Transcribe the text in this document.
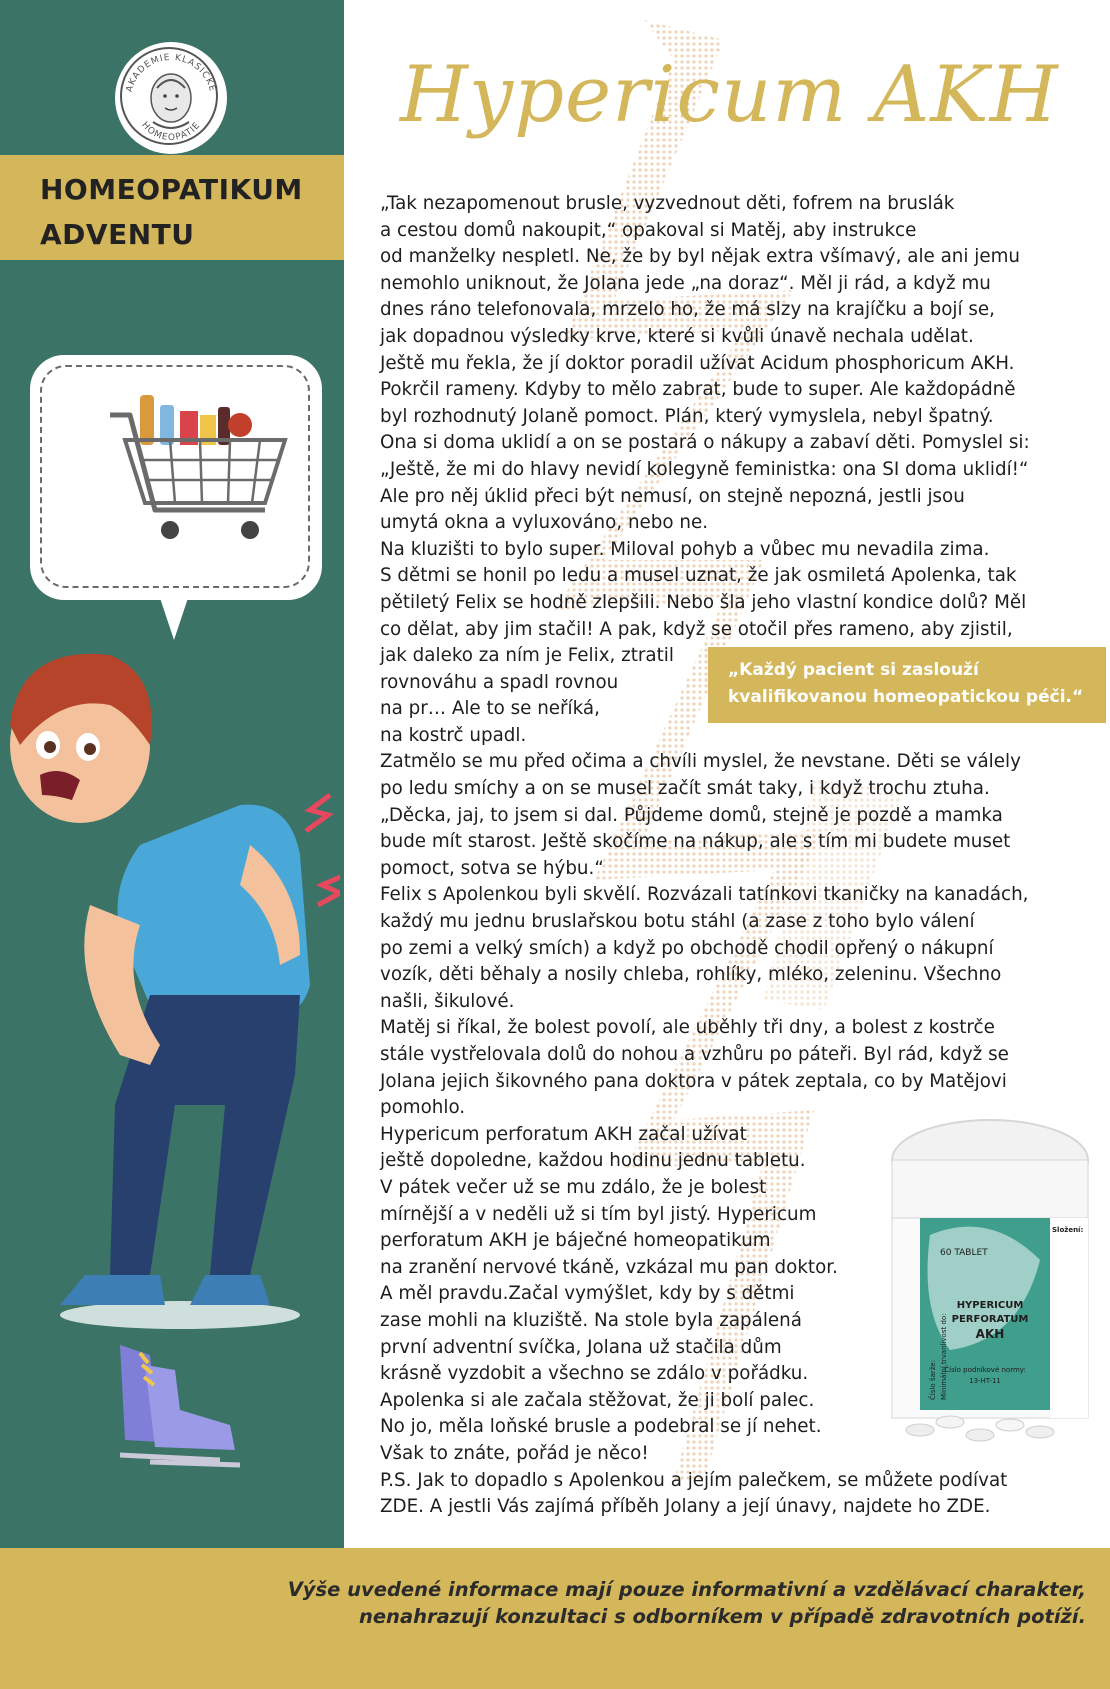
AKADEMIE KLASICKÉ
HOMEOPATIE
HOMEOPATIKUM
ADVENTU
Hypericum AKH
„Tak nezapomenout brusle, vyzvednout děti, fofrem na bruslák
a cestou domů nakoupit,“ opakoval si Matěj, aby instrukce
od manželky nespletl. Ne, že by byl nějak extra všímavý, ale ani jemu
nemohlo uniknout, že Jolana jede „na doraz“. Měl ji rád, a když mu
dnes ráno telefonovala, mrzelo ho, že má slzy na krajíčku a bojí se,
jak dopadnou výsledky krve, které si kvůli únavě nechala udělat.
Ještě mu řekla, že jí doktor poradil užívat Acidum phosphoricum AKH.
Pokrčil rameny. Kdyby to mělo zabrat, bude to super. Ale každopádně
byl rozhodnutý Jolaně pomoct. Plán, který vymyslela, nebyl špatný.
Ona si doma uklidí a on se postará o nákupy a zabaví děti. Pomyslel si:
„Ještě, že mi do hlavy nevidí kolegyně feministka: ona SI doma uklidí!“
Ale pro něj úklid přeci být nemusí, on stejně nepozná, jestli jsou
umytá okna a vyluxováno, nebo ne.
Na kluzišti to bylo super. Miloval pohyb a vůbec mu nevadila zima.
S dětmi se honil po ledu a musel uznat, že jak osmiletá Apolenka, tak
pětiletý Felix se hodně zlepšili. Nebo šla jeho vlastní kondice dolů? Měl
co dělat, aby jim stačil! A pak, když se otočil přes rameno, aby zjistil,
jak daleko za ním je Felix, ztratil
rovnováhu a spadl rovnou
na pr… Ale to se neříká,
na kostrč upadl.
Zatmělo se mu před očima a chvíli myslel, že nevstane. Děti se válely
po ledu smíchy a on se musel začít smát taky, i když trochu ztuha.
„Děcka, jaj, to jsem si dal. Půjdeme domů, stejně je pozdě a mamka
bude mít starost. Ještě skočíme na nákup, ale s tím mi budete muset
pomoct, sotva se hýbu.“
Felix s Apolenkou byli skvělí. Rozvázali tatínkovi tkaničky na kanadách,
každý mu jednu bruslařskou botu stáhl (a zase z toho bylo válení
po zemi a velký smích) a když po obchodě chodil opřený o nákupní
vozík, děti běhaly a nosily chleba, rohlíky, mléko, zeleninu. Všechno
našli, šikulové.
Matěj si říkal, že bolest povolí, ale uběhly tři dny, a bolest z kostrče
stále vystřelovala dolů do nohou a vzhůru po páteři. Byl rád, když se
Jolana jejich šikovného pana doktora v pátek zeptala, co by Matějovi
pomohlo.
Hypericum perforatum AKH začal užívat
ještě dopoledne, každou hodinu jednu tabletu.
V pátek večer už se mu zdálo, že je bolest
mírnější a v neděli už si tím byl jistý. Hypericum
perforatum AKH je báječné homeopatikum
na zranění nervové tkáně, vzkázal mu pan doktor.
A měl pravdu.Začal vymýšlet, kdy by s dětmi
zase mohli na kluziště. Na stole byla zapálená
první adventní svíčka, Jolana už stačila dům
krásně vyzdobit a všechno se zdálo v pořádku.
Apolenka si ale začala stěžovat, že ji bolí palec.
No jo, měla loňské brusle a podebral se jí nehet.
Však to znáte, pořád je něco!
P.S. Jak to dopadlo s Apolenkou a jejím palečkem, se můžete podívat
ZDE. A jestli Vás zajímá příběh Jolany a její únavy, najdete ho ZDE.
„Každý pacient si zaslouží
kvalifikovanou homeopatickou péči.“
60 TABLET
HYPERICUM
PERFORATUM
AKH
Číslo podnikové normy:
13-HT-11
Složení:
Číslo šarže: Minimální trvanlivost do:
Výše uvedené informace mají pouze informativní a vzdělávací charakter,
nenahrazují konzultaci s odborníkem v případě zdravotních potíží.
